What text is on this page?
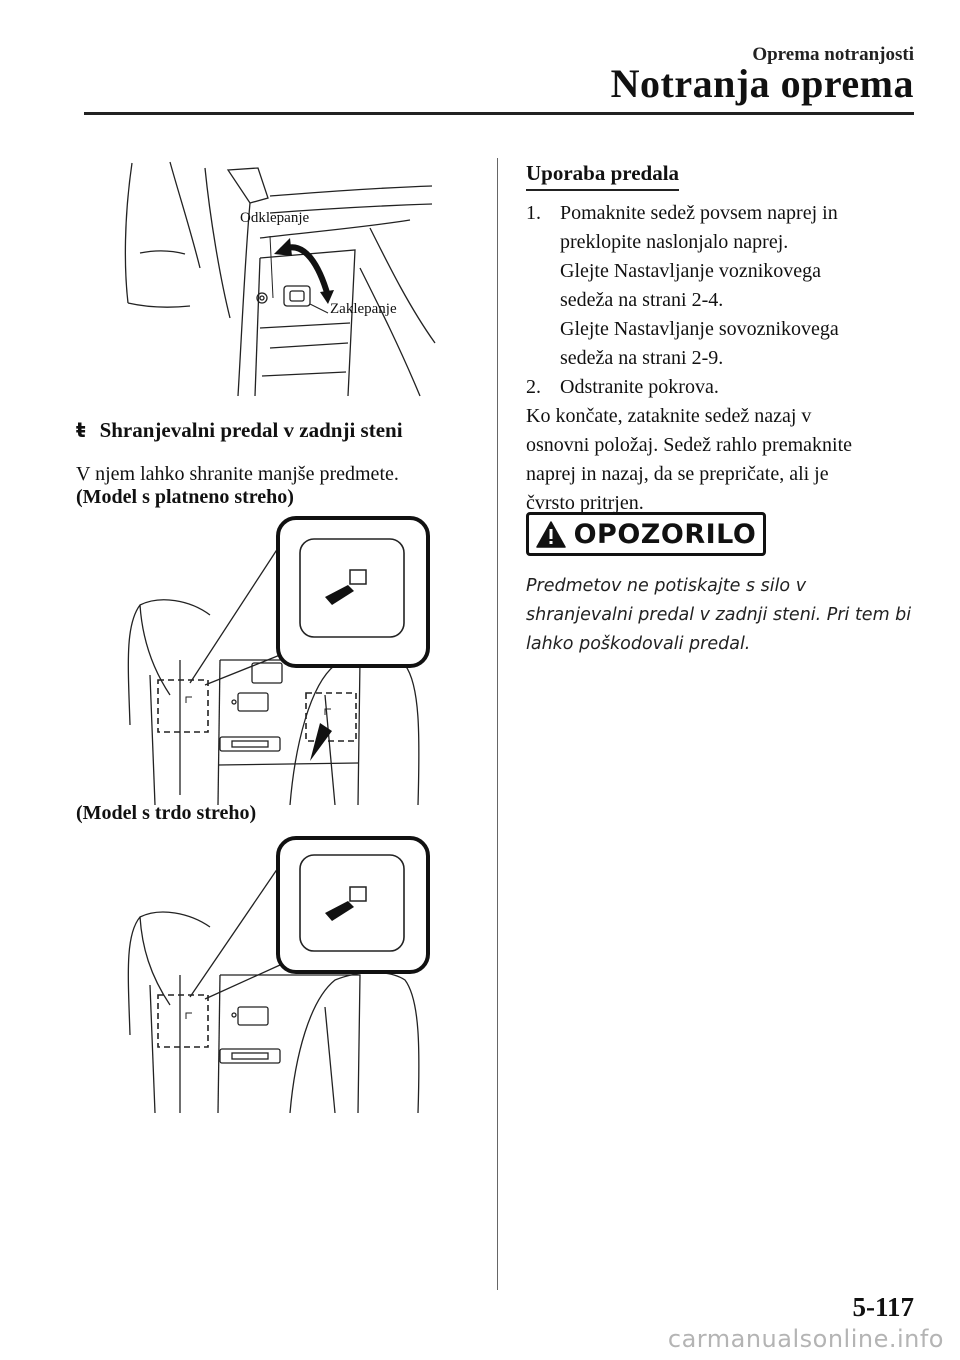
Oprema notranjosti
Notranja oprema
Odklepanje
Zaklepanje
ŧ Shranjevalni predal v zadnji steni
V njem lahko shranite manjše predmete.
(Model s platneno streho)
(Model s trdo streho)
Uporaba predala
1. Pomaknite sedež povsem naprej in
preklopite naslonjalo naprej.
Glejte Nastavljanje voznikovega
sedeža na strani 2-4.
Glejte Nastavljanje sovoznikovega
sedeža na strani 2-9.
2. Odstranite pokrova.
Ko končate, zataknite sedež nazaj v
osnovni položaj. Sedež rahlo premaknite
naprej in nazaj, da se prepričate, ali je
čvrsto pritrjen.
OPOZORILO
Predmetov ne potiskajte s silo v
shranjevalni predal v zadnji steni. Pri tem bi
lahko poškodovali predal.
5-117
carmanualsonline.info
